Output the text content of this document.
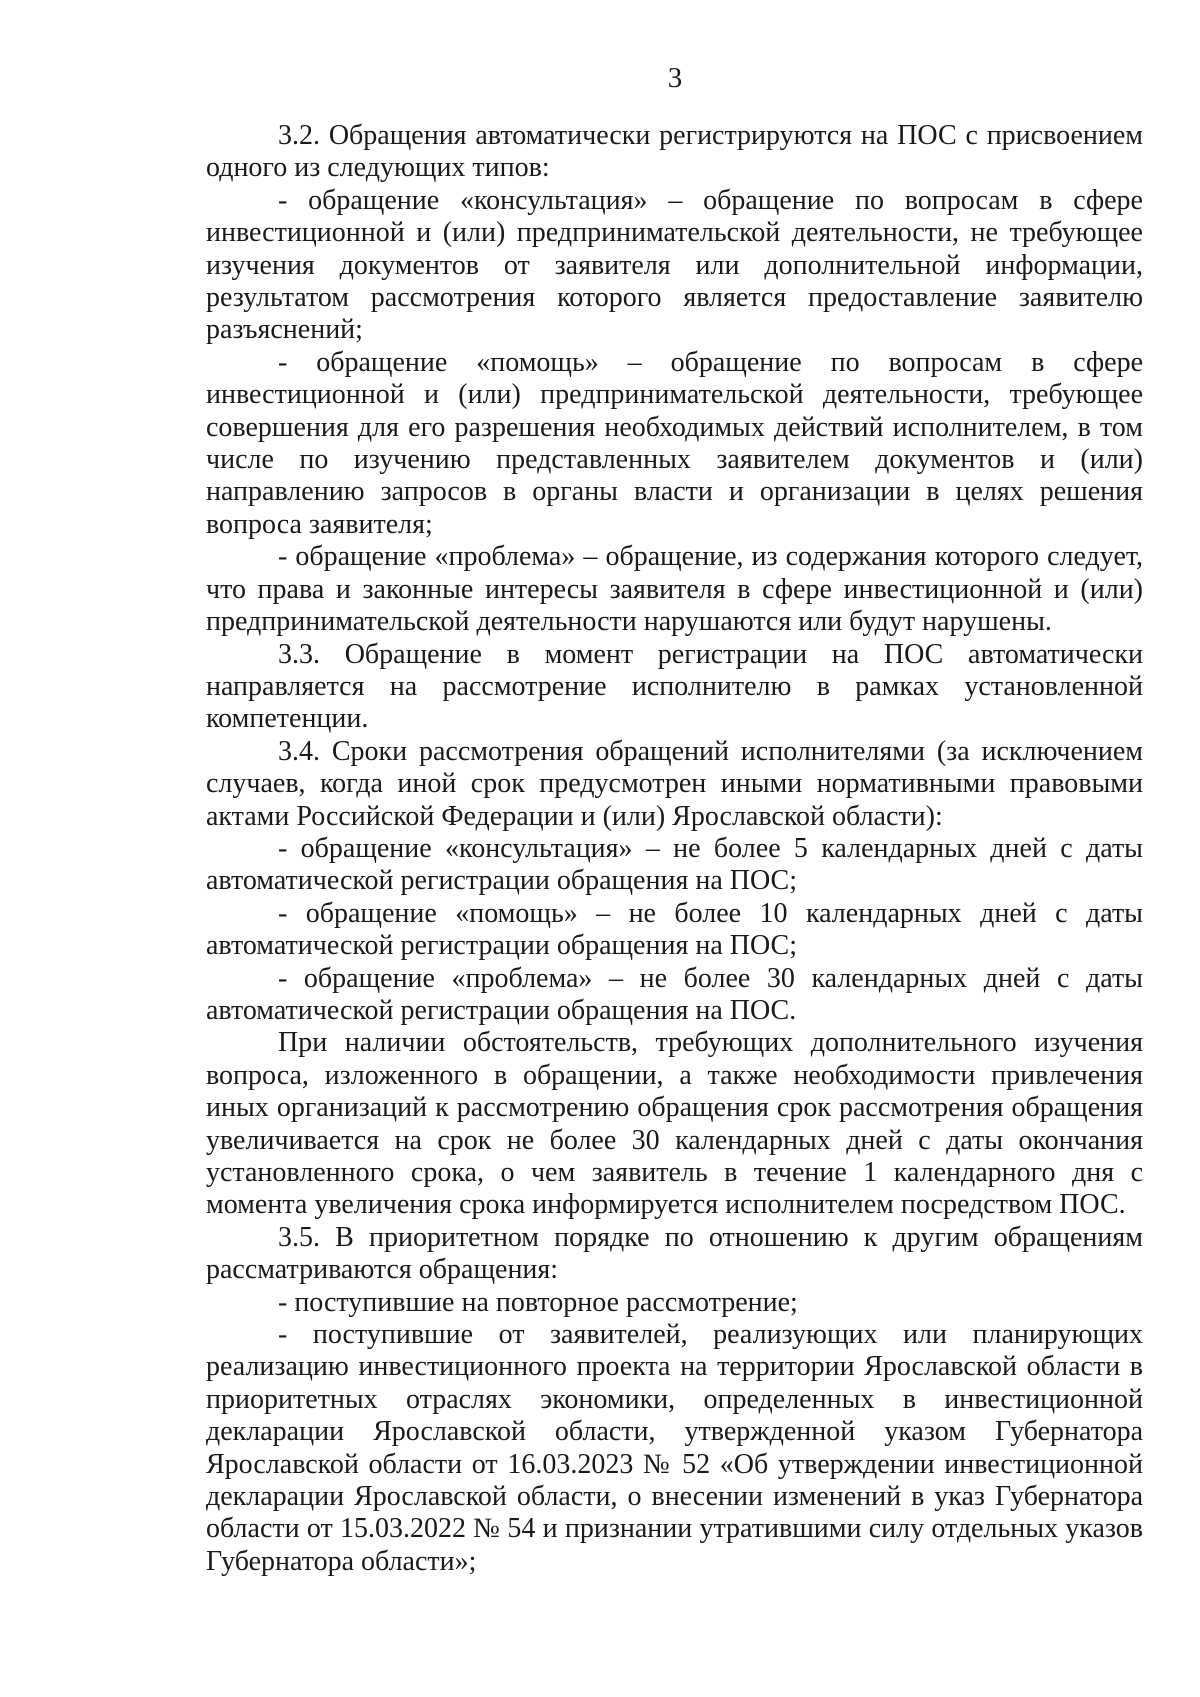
3

3.2. Обращения автоматически регистрируются на ПОС с присвоением одного из следующих типов:

- обращение «консультация» – обращение по вопросам в сфере инвестиционной и (или) предпринимательской деятельности, не требующее изучения документов от заявителя или дополнительной информации, результатом рассмотрения которого является предоставление заявителю разъяснений;

- обращение «помощь» – обращение по вопросам в сфере инвестиционной и (или) предпринимательской деятельности, требующее совершения для его разрешения необходимых действий исполнителем, в том числе по изучению представленных заявителем документов и (или) направлению запросов в органы власти и организации в целях решения вопроса заявителя;

- обращение «проблема» – обращение, из содержания которого следует, что права и законные интересы заявителя в сфере инвестиционной и (или) предпринимательской деятельности нарушаются или будут нарушены.

3.3. Обращение в момент регистрации на ПОС автоматически направляется на рассмотрение исполнителю в рамках установленной компетенции.

3.4. Сроки рассмотрения обращений исполнителями (за исключением случаев, когда иной срок предусмотрен иными нормативными правовыми актами Российской Федерации и (или) Ярославской области):

- обращение «консультация» – не более 5 календарных дней с даты автоматической регистрации обращения на ПОС;

- обращение «помощь» – не более 10 календарных дней с даты автоматической регистрации обращения на ПОС;

- обращение «проблема» – не более 30 календарных дней с даты автоматической регистрации обращения на ПОС.

При наличии обстоятельств, требующих дополнительного изучения вопроса, изложенного в обращении, а также необходимости привлечения иных организаций к рассмотрению обращения срок рассмотрения обращения увеличивается на срок не более 30 календарных дней с даты окончания установленного срока, о чем заявитель в течение 1 календарного дня с момента увеличения срока информируется исполнителем посредством ПОС.

3.5. В приоритетном порядке по отношению к другим обращениям рассматриваются обращения:

- поступившие на повторное рассмотрение;

- поступившие от заявителей, реализующих или планирующих реализацию инвестиционного проекта на территории Ярославской области в приоритетных отраслях экономики, определенных в инвестиционной декларации Ярославской области, утвержденной указом Губернатора Ярославской области от 16.03.2023 № 52 «Об утверждении инвестиционной декларации Ярославской области, о внесении изменений в указ Губернатора области от 15.03.2022 № 54 и признании утратившими силу отдельных указов Губернатора области»;
